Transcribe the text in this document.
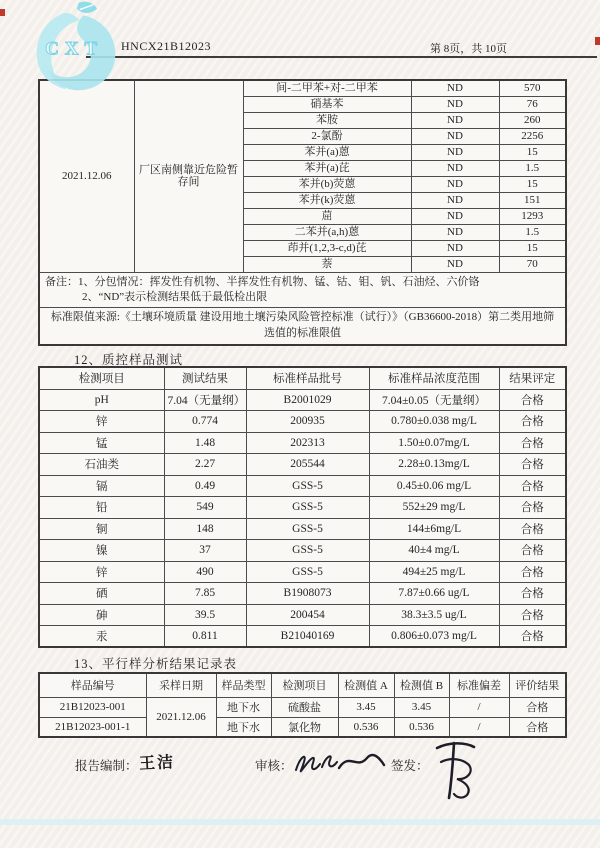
CXT HNCX21B12023	第 8页，共 10页
2021.12.06	厂区南侧靠近危险暂存间	间-二甲苯+对-二甲苯	ND	570
		硝基苯	ND	76
		苯胺	ND	260
		2-氯酚	ND	2256
		苯并(a)蒽	ND	15
		苯并(a)芘	ND	1.5
		苯并(b)荧蒽	ND	15
		苯并(k)荧蒽	ND	151
		䓛	ND	1293
		二苯并(a,h)蒽	ND	1.5
		茚并(1,2,3-c,d)芘	ND	15
		萘	ND	70

备注：1、分包情况：挥发性有机物、半挥发性有机物、锰、钴、钼、钒、石油烃、六价铬
2、“ND”表示检测结果低于最低检出限				

标准限值来源:《土壤环境质量 建设用地土壤污染风险管控标准（试行）》（GB36600-2018）第二类用地筛选值的标准限值				
12、质控样品测试
检测项目	测试结果	标准样品批号	标准样品浓度范围	结果评定
pH	7.04（无量纲）	B2001029	7.04±0.05（无量纲）	合格
锌	0.774	200935	0.780±0.038 mg/L	合格
锰	1.48	202313	1.50±0.07mg/L	合格
石油类	2.27	205544	2.28±0.13mg/L	合格
镉	0.49	GSS-5	0.45±0.06 mg/L	合格
铅	549	GSS-5	552±29 mg/L	合格
铜	148	GSS-5	144±6mg/L	合格
镍	37	GSS-5	40±4 mg/L	合格
锌	490	GSS-5	494±25 mg/L	合格
硒	7.85	B1908073	7.87±0.66 ug/L	合格
砷	39.5	200454	38.3±3.5 ug/L	合格
汞	0.811	B21040169	0.806±0.073 mg/L	合格
13、平行样分析结果记录表
样品编号	采样日期	样品类型	检测项目	检测值 A	检测值 B	标准偏差	评价结果
21B12023-001	2021.12.06	地下水	硫酸盐	3.45	3.45	/	合格
21B12023-001-1		地下水	氯化物	0.536	0.536	/	合格
报告编制： 王洁	审核：	签发：
